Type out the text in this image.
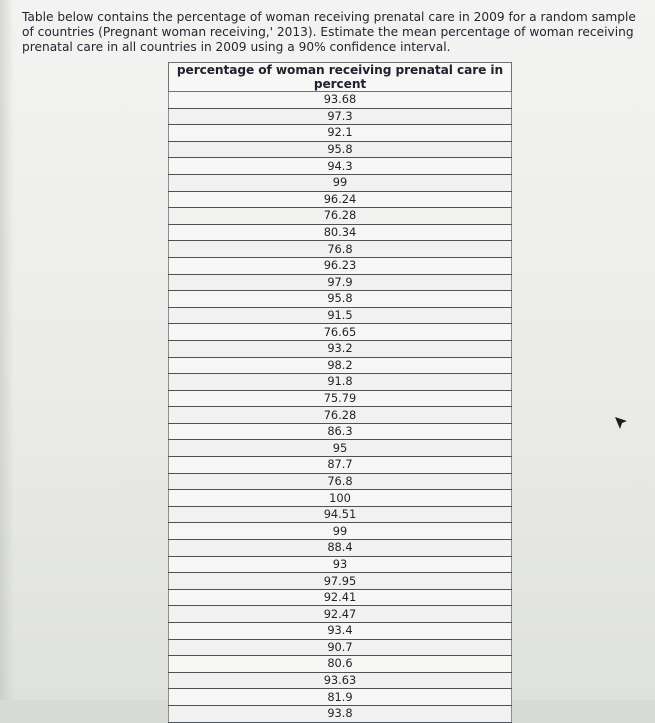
Table below contains the percentage of woman receiving prenatal care in 2009 for a random sample of countries (Pregnant woman receiving,' 2013). Estimate the mean percentage of woman receiving prenatal care in all countries in 2009 using a 90% confidence interval.

percentage of woman receiving prenatal care in percent
93.68
97.3
92.1
95.8
94.3
99
96.24
76.28
80.34
76.8
96.23
97.9
95.8
91.5
76.65
93.2
98.2
91.8
75.79
76.28
86.3
95
87.7
76.8
100
94.51
99
88.4
93
97.95
92.41
92.47
93.4
90.7
80.6
93.63
81.9
93.8
